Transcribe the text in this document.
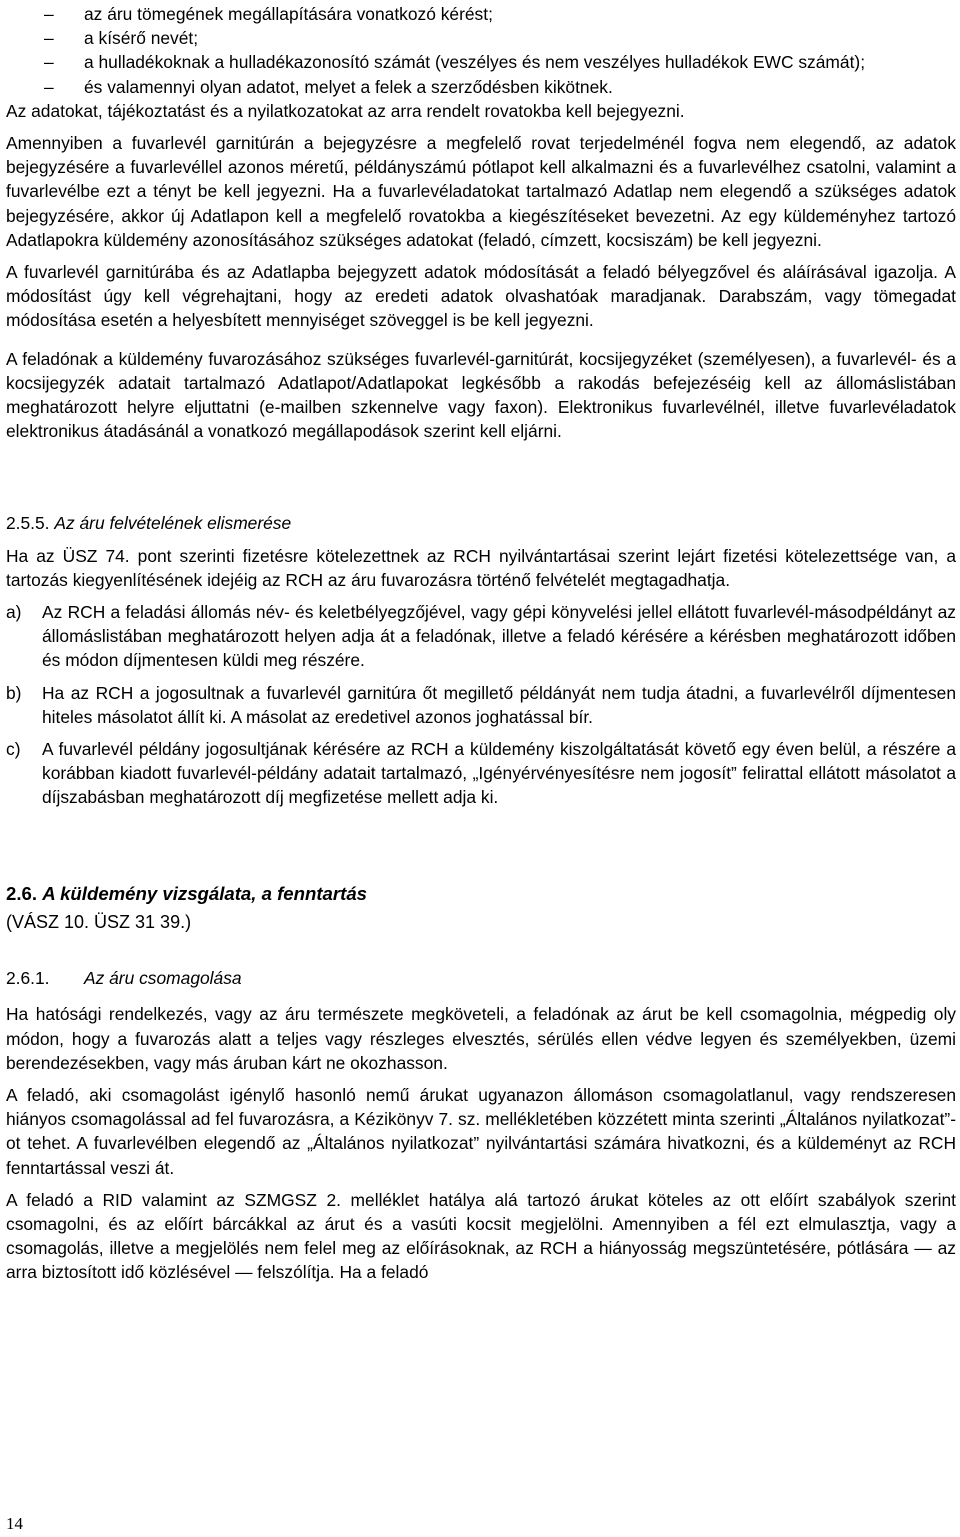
– az áru tömegének megállapítására vonatkozó kérést;
– a kísérő nevét;
– a hulladékoknak a hulladékazonosító számát (veszélyes és nem veszélyes hulladékok EWC számát);
– és valamennyi olyan adatot, melyet a felek a szerződésben kikötnek.

Az adatokat, tájékoztatást és a nyilatkozatokat az arra rendelt rovatokba kell bejegyezni.

Amennyiben a fuvarlevél garnitúrán a bejegyzésre a megfelelő rovat terjedelménél fogva nem elegendő, az adatok bejegyzésére a fuvarlevéllel azonos méretű, példányszámú pótlapot kell alkalmazni és a fuvarlevélhez csatolni, valamint a fuvarlevélbe ezt a tényt be kell jegyezni. Ha a fuvarlevéladatokat tartalmazó Adatlap nem elegendő a szükséges adatok bejegyzésére, akkor új Adatlapon kell a megfelelő rovatokba a kiegészítéseket bevezetni. Az egy küldeményhez tartozó Adatlapokra küldemény azonosításához szükséges adatokat (feladó, címzett, kocsiszám) be kell jegyezni.

A fuvarlevél garnitúrába és az Adatlapba bejegyzett adatok módosítását a feladó bélyegzővel és aláírásával igazolja. A módosítást úgy kell végrehajtani, hogy az eredeti adatok olvashatóak maradjanak. Darabszám, vagy tömegadat módosítása esetén a helyesbített mennyiséget szöveggel is be kell jegyezni.

A feladónak a küldemény fuvarozásához szükséges fuvarlevél-garnitúrát, kocsijegyzéket (személyesen), a fuvarlevél- és a kocsijegyzék adatait tartalmazó Adatlapot/Adatlapokat legkésőbb a rakodás befejezéséig kell az állomáslistában meghatározott helyre eljuttatni (e-mailben szkennelve vagy faxon). Elektronikus fuvarlevélnél, illetve fuvarlevéladatok elektronikus átadásánál a vonatkozó megállapodások szerint kell eljárni.

2.5.5. Az áru felvételének elismerése

Ha az ÜSZ 74. pont szerinti fizetésre kötelezettnek az RCH nyilvántartásai szerint lejárt fizetési kötelezettsége van, a tartozás kiegyenlítésének idejéig az RCH az áru fuvarozásra történő felvételét megtagadhatja.

a) Az RCH a feladási állomás név- és keletbélyegzőjével, vagy gépi könyvelési jellel ellátott fuvarlevél-másodpéldányt az állomáslistában meghatározott helyen adja át a feladónak, illetve a feladó kérésére a kérésben meghatározott időben és módon díjmentesen küldi meg részére.
b) Ha az RCH a jogosultnak a fuvarlevél garnitúra őt megillető példányát nem tudja átadni, a fuvarlevélről díjmentesen hiteles másolatot állít ki. A másolat az eredetivel azonos joghatással bír.
c) A fuvarlevél példány jogosultjának kérésére az RCH a küldemény kiszolgáltatását követő egy éven belül, a részére a korábban kiadott fuvarlevél-példány adatait tartalmazó, „Igényérvényesítésre nem jogosít” felirattal ellátott másolatot a díjszabásban meghatározott díj megfizetése mellett adja ki.
2.6. A küldemény vizsgálata, a fenntartás
(VÁSZ 10. ÜSZ 31 39.)
2.6.1. Az áru csomagolása

Ha hatósági rendelkezés, vagy az áru természete megköveteli, a feladónak az árut be kell csomagolnia, mégpedig oly módon, hogy a fuvarozás alatt a teljes vagy részleges elvesztés, sérülés ellen védve legyen és személyekben, üzemi berendezésekben, vagy más áruban kárt ne okozhasson.

A feladó, aki csomagolást igénylő hasonló nemű árukat ugyanazon állomáson csomagolatlanul, vagy rendszeresen hiányos csomagolással ad fel fuvarozásra, a Kézikönyv 7. sz. mellékletében közzétett minta szerinti „Általános nyilatkozat”-ot tehet. A fuvarlevélben elegendő az „Általános nyilatkozat” nyilvántartási számára hivatkozni, és a küldeményt az RCH fenntartással veszi át.

A feladó a RID valamint az SZMGSZ 2. melléklet hatálya alá tartozó árukat köteles az ott előírt szabályok szerint csomagolni, és az előírt bárcákkal az árut és a vasúti kocsit megjelölni. Amennyiben a fél ezt elmulasztja, vagy a csomagolás, illetve a megjelölés nem felel meg az előírásoknak, az RCH a hiányosság megszüntetésére, pótlására — az arra biztosított idő közlésével — felszólítja. Ha a feladó

14
